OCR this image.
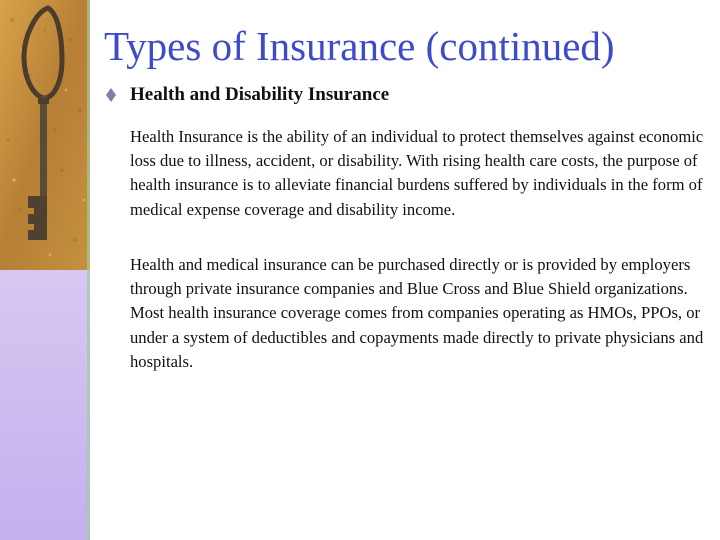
Types of Insurance (continued)
Health and Disability Insurance

Health Insurance is the ability of an individual to protect themselves against economic loss due to illness, accident, or disability. With rising health care costs, the purpose of health insurance is to alleviate financial burdens suffered by individuals in the form of medical expense coverage and disability income.

Health and medical insurance can be purchased directly or is provided by employers through private insurance companies and Blue Cross and Blue Shield organizations. Most health insurance coverage comes from companies operating as HMOs, PPOs, or under a system of deductibles and copayments made directly to private physicians and hospitals.
